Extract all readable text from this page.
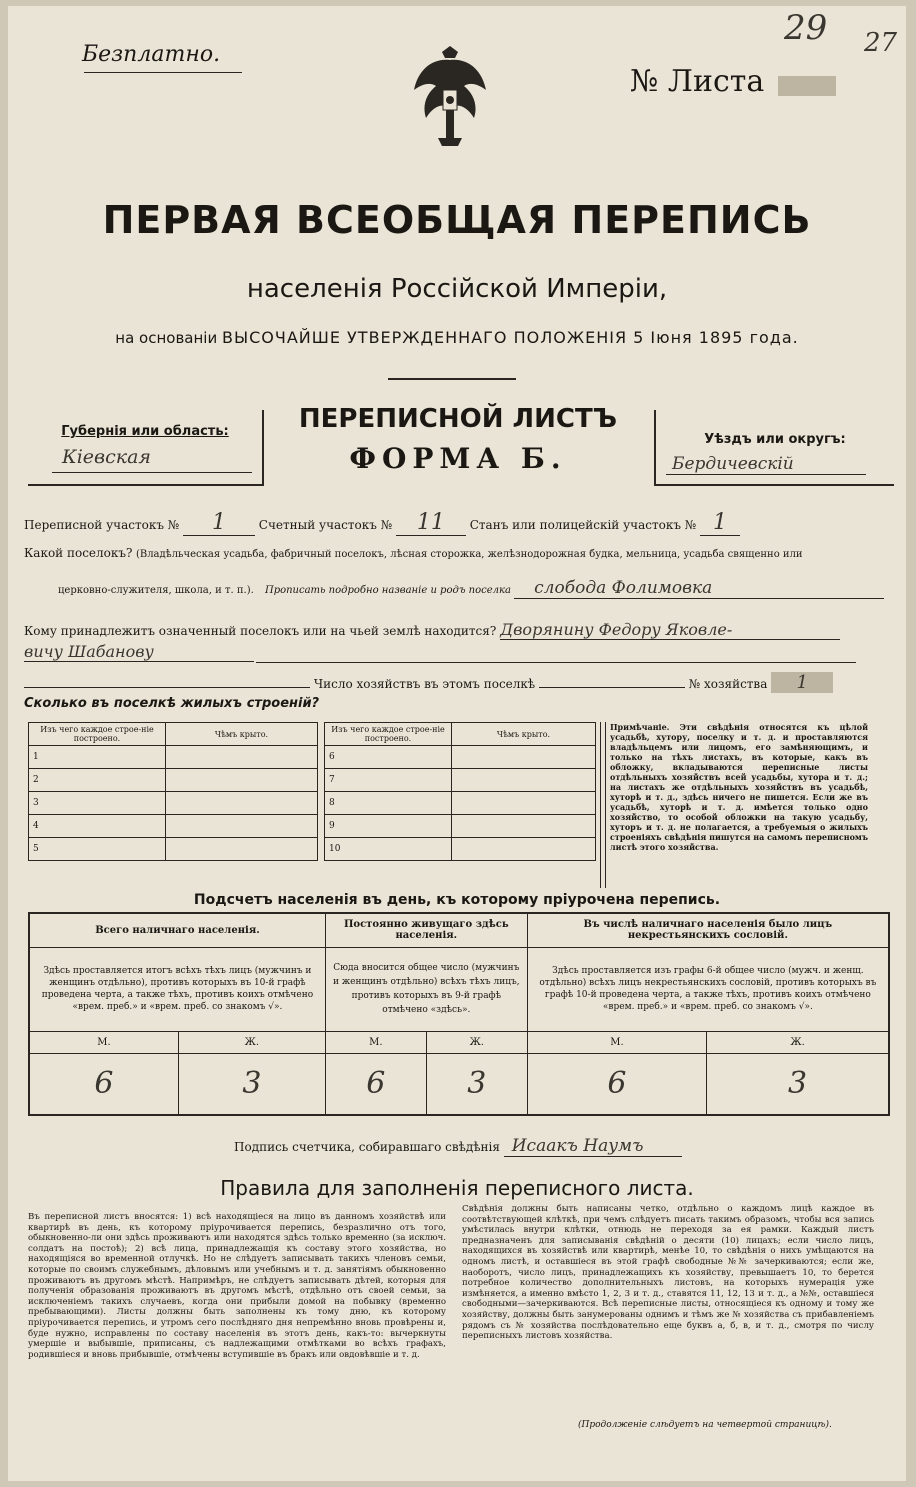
Безплатно.
№ Листа
29 27
ПЕРВАЯ ВСЕОБЩАЯ ПЕРЕПИСЬ
населенія Россійской Имперіи,
на основаніи ВЫСОЧАЙШЕ УТВЕРЖДЕННАГО ПОЛОЖЕНІЯ 5 Іюня 1895 года.
Губернія или область:
Кіевская
ПЕРЕПИСНОЙ ЛИСТЪ
ФОРМА Б.
Уѣздъ или округъ:
Бердичевскій
Переписной участокъ № 1	Счетный участокъ № 11 Станъ или полицейскій участокъ № 1
Какой поселокъ? (Владѣльческая усадьба, фабричный поселокъ, лѣсная сторожка, желѣзнодорожная будка, мельница, усадьба священно или
церковно-служителя, школа, и т. п.). Прописать подробно названіе и родъ поселка слобода Фолимовка
Кому принадлежитъ означенный поселокъ или на чьей землѣ находится? Дворянину Федору Яковле-
вичу Шабанову
Число хозяйствъ въ этомъ поселкѣ	№ хозяйства 1
Сколько въ поселкѣ жилыхъ строеній?
Изъ чего каждое строе-ніе построено.	Чѣмъ крыто.
1	
2	
3	
4	
5	
Изъ чего каждое строе-ніе построено.	Чѣмъ крыто.
6	
7	
8	
9	
10	
Примѣчаніе. Эти свѣдѣнія относятся къ цѣлой усадьбѣ, хутору, поселку и т. д. и проставляются владѣльцемъ или лицомъ, его замѣняющимъ, и только на тѣхъ листахъ, въ которые, какъ въ обложку, вкладываются переписные листы отдѣльныхъ хозяйствъ всей усадьбы, хутора и т. д.; на листахъ же отдѣльныхъ хозяйствъ въ усадьбѣ, хуторѣ и т. д., здѣсь ничего не пишется. Если же въ усадьбѣ, хуторѣ и т. д. имѣется только одно хозяйство, то особой обложки на такую усадьбу, хуторъ и т. д. не полагается, а требуемыя о жилыхъ строеніяхъ свѣдѣнія пишутся на самомъ переписномъ листѣ этого хозяйства.
Подсчетъ населенія въ день, къ которому пріурочена перепись.
Всего наличнаго населенія.		Постоянно живущаго здѣсь населенія.		Въ числѣ наличнаго населенія было лицъ некрестьянскихъ сословій.	
Здѣсь проставляется итогъ всѣхъ тѣхъ лицъ (мужчинъ и женщинъ отдѣльно), противъ которыхъ въ 10-й графѣ проведена черта, а также тѣхъ, противъ коихъ отмѣчено «врем. преб.» и «врем. преб. со знакомъ √».		Сюда вносится общее число (мужчинъ и женщинъ отдѣльно) всѣхъ тѣхъ лицъ, противъ которыхъ въ 9-й графѣ отмѣчено «здѣсь».		Здѣсь проставляется изъ графы 6-й общее число (мужч. и женщ. отдѣльно) всѣхъ лицъ некрестьянскихъ сословій, противъ которыхъ въ графѣ 10-й проведена черта, а также тѣхъ, противъ коихъ отмѣчено «врем. преб.» и «врем. преб. со знакомъ √».	
М.	Ж.	М.	Ж.	М.	Ж.
6	3	6	3	6	3
Подпись счетчика, собиравшаго свѣдѣнія Исаакъ Наумъ
Правила для заполненія переписного листа.
Въ переписной листъ вносятся: 1) всѣ находящіеся на лицо въ данномъ хозяйствѣ или квартирѣ въ день, къ которому пріурочивается перепись, безразлично отъ того, обыкновенно-ли они здѣсь проживаютъ или находятся здѣсь только временно (за исключ. солдатъ на постоѣ); 2) всѣ лица, принадлежащія къ составу этого хозяйства, но находящіяся во временной отлучкѣ. Но не слѣдуетъ записывать такихъ членовъ семьи, которые по своимъ служебнымъ, дѣловымъ или учебнымъ и т. д. занятіямъ обыкновенно проживаютъ въ другомъ мѣстѣ. Напримѣръ, не слѣдуетъ записывать дѣтей, которыя для полученія образованія проживаютъ въ другомъ мѣстѣ, отдѣльно отъ своей семьи, за исключеніемъ такихъ случаевъ, когда они прибыли домой на побывку (временно пребывающими). Листы должны быть заполнены къ тому дню, къ которому пріурочивается перепись, и утромъ сего послѣдняго дня непремѣнно вновь провѣрены и, буде нужно, исправлены по составу населенія въ этотъ день, какъ-то: вычеркнуты умершіе и выбывшіе, приписаны, съ надлежащими отмѣтками во всѣхъ графахъ, родившіеся и вновь прибывшіе, отмѣчены вступившіе въ бракъ или овдовѣвшіе и т. д.
Свѣдѣнія должны быть написаны четко, отдѣльно о каждомъ лицѣ каждое въ соотвѣтствующей клѣткѣ, при чемъ слѣдуетъ писать такимъ образомъ, чтобы вся запись умѣстилась внутри клѣтки, отнюдь не переходя за ея рамки. Каждый листъ предназначенъ для записыванія свѣдѣній о десяти (10) лицахъ; если число лицъ, находящихся въ хозяйствѣ или квартирѣ, менѣе 10, то свѣдѣнія о нихъ умѣщаются на одномъ листѣ, и оставшіеся въ этой графѣ свободные №№ зачеркиваются; если же, наоборотъ, число лицъ, принадлежащихъ къ хозяйству, превышаетъ 10, то берется потребное количество дополнительныхъ листовъ, на которыхъ нумерація уже измѣняется, а именно вмѣсто 1, 2, 3 и т. д., ставятся 11, 12, 13 и т. д., а №№, оставшіеся свободными—зачеркиваются. Всѣ переписные листы, относящіеся къ одному и тому же хозяйству, должны быть занумерованы однимъ и тѣмъ же № хозяйства съ прибавленіемъ рядомъ съ № хозяйства послѣдовательно еще буквъ а, б, в, и т. д., смотря по числу переписныхъ листовъ хозяйства.
(Продолженіе слѣдуетъ на четвертой страницѣ).
